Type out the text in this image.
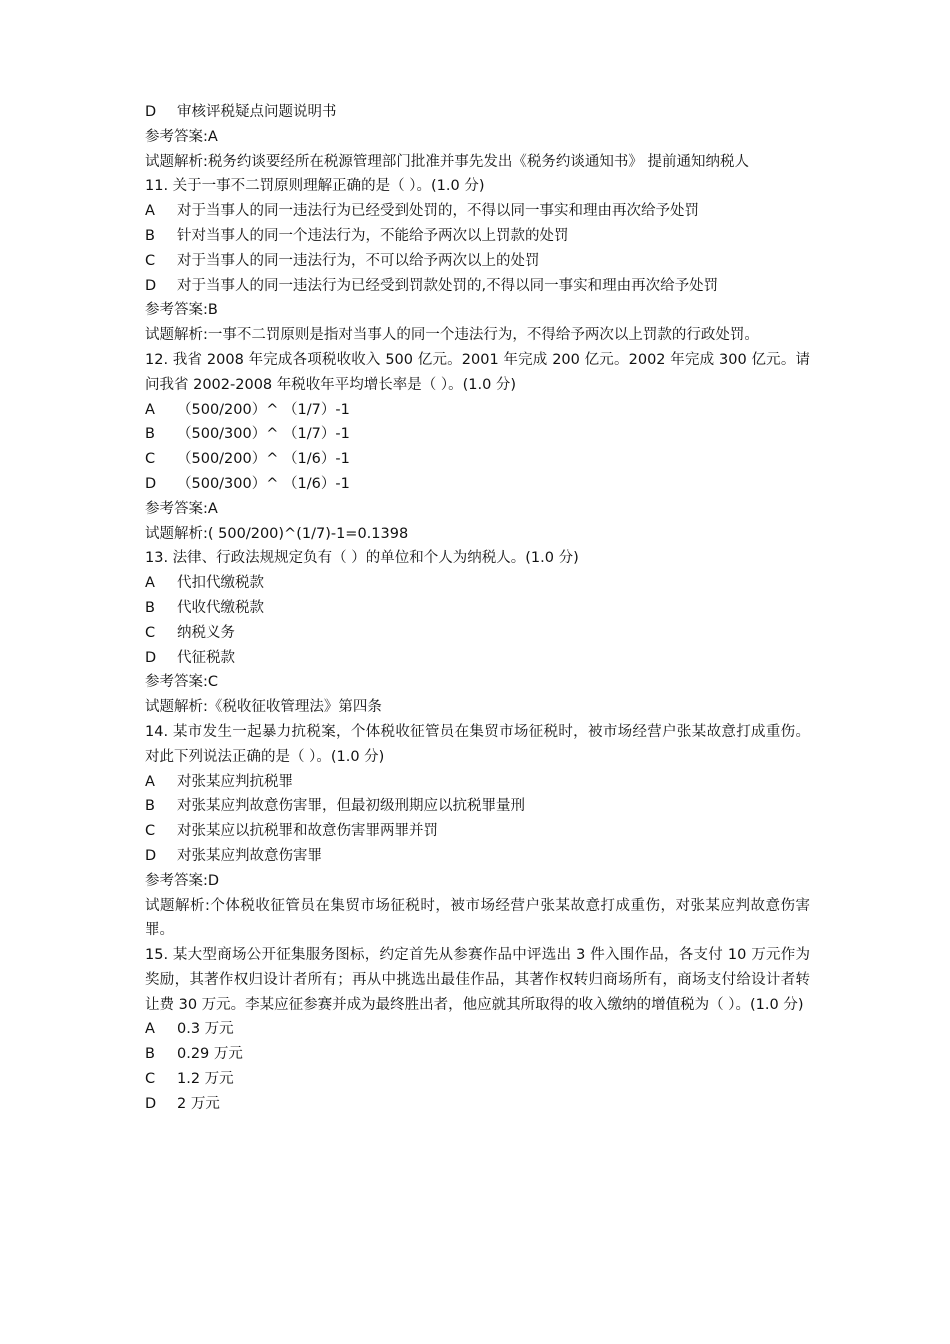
D	审核评税疑点问题说明书
参考答案:A
试题解析:税务约谈要经所在税源管理部门批准并事先发出《税务约谈通知书》 提前通知纳税人
11. 关于一事不二罚原则理解正确的是（ ）。(1.0 分)
A	对于当事人的同一违法行为已经受到处罚的，不得以同一事实和理由再次给予处罚
B	针对当事人的同一个违法行为，不能给予两次以上罚款的处罚
C	对于当事人的同一违法行为，不可以给予两次以上的处罚
D	对于当事人的同一违法行为已经受到罚款处罚的,不得以同一事实和理由再次给予处罚
参考答案:B
试题解析:一事不二罚原则是指对当事人的同一个违法行为，不得给予两次以上罚款的行政处罚。
12. 我省 2008 年完成各项税收收入 500 亿元。2001 年完成 200 亿元。2002 年完成 300 亿元。请问我省 2002-2008 年税收年平均增长率是（ ）。(1.0 分)
A	（500/200）^ （1/7）-1
B	（500/300）^ （1/7）-1
C	（500/200）^ （1/6）-1
D	（500/300）^ （1/6）-1
参考答案:A
试题解析:( 500/200)^(1/7)-1=0.1398
13. 法律、行政法规规定负有（ ）的单位和个人为纳税人。(1.0 分)
A	代扣代缴税款
B	代收代缴税款
C	纳税义务
D	代征税款
参考答案:C
试题解析:《税收征收管理法》第四条
14. 某市发生一起暴力抗税案，个体税收征管员在集贸市场征税时，被市场经营户张某故意打成重伤。对此下列说法正确的是（ ）。(1.0 分)
A	对张某应判抗税罪
B	对张某应判故意伤害罪，但最初级刑期应以抗税罪量刑
C	对张某应以抗税罪和故意伤害罪两罪并罚
D	对张某应判故意伤害罪
参考答案:D
试题解析:个体税收征管员在集贸市场征税时，被市场经营户张某故意打成重伤，对张某应判故意伤害罪。
15. 某大型商场公开征集服务图标，约定首先从参赛作品中评选出 3 件入围作品，各支付 10 万元作为奖励，其著作权归设计者所有；再从中挑选出最佳作品，其著作权转归商场所有，商场支付给设计者转让费 30 万元。李某应征参赛并成为最终胜出者，他应就其所取得的收入缴纳的增值税为（ ）。(1.0 分)
A	0.3 万元
B	0.29 万元
C	1.2 万元
D	2 万元
